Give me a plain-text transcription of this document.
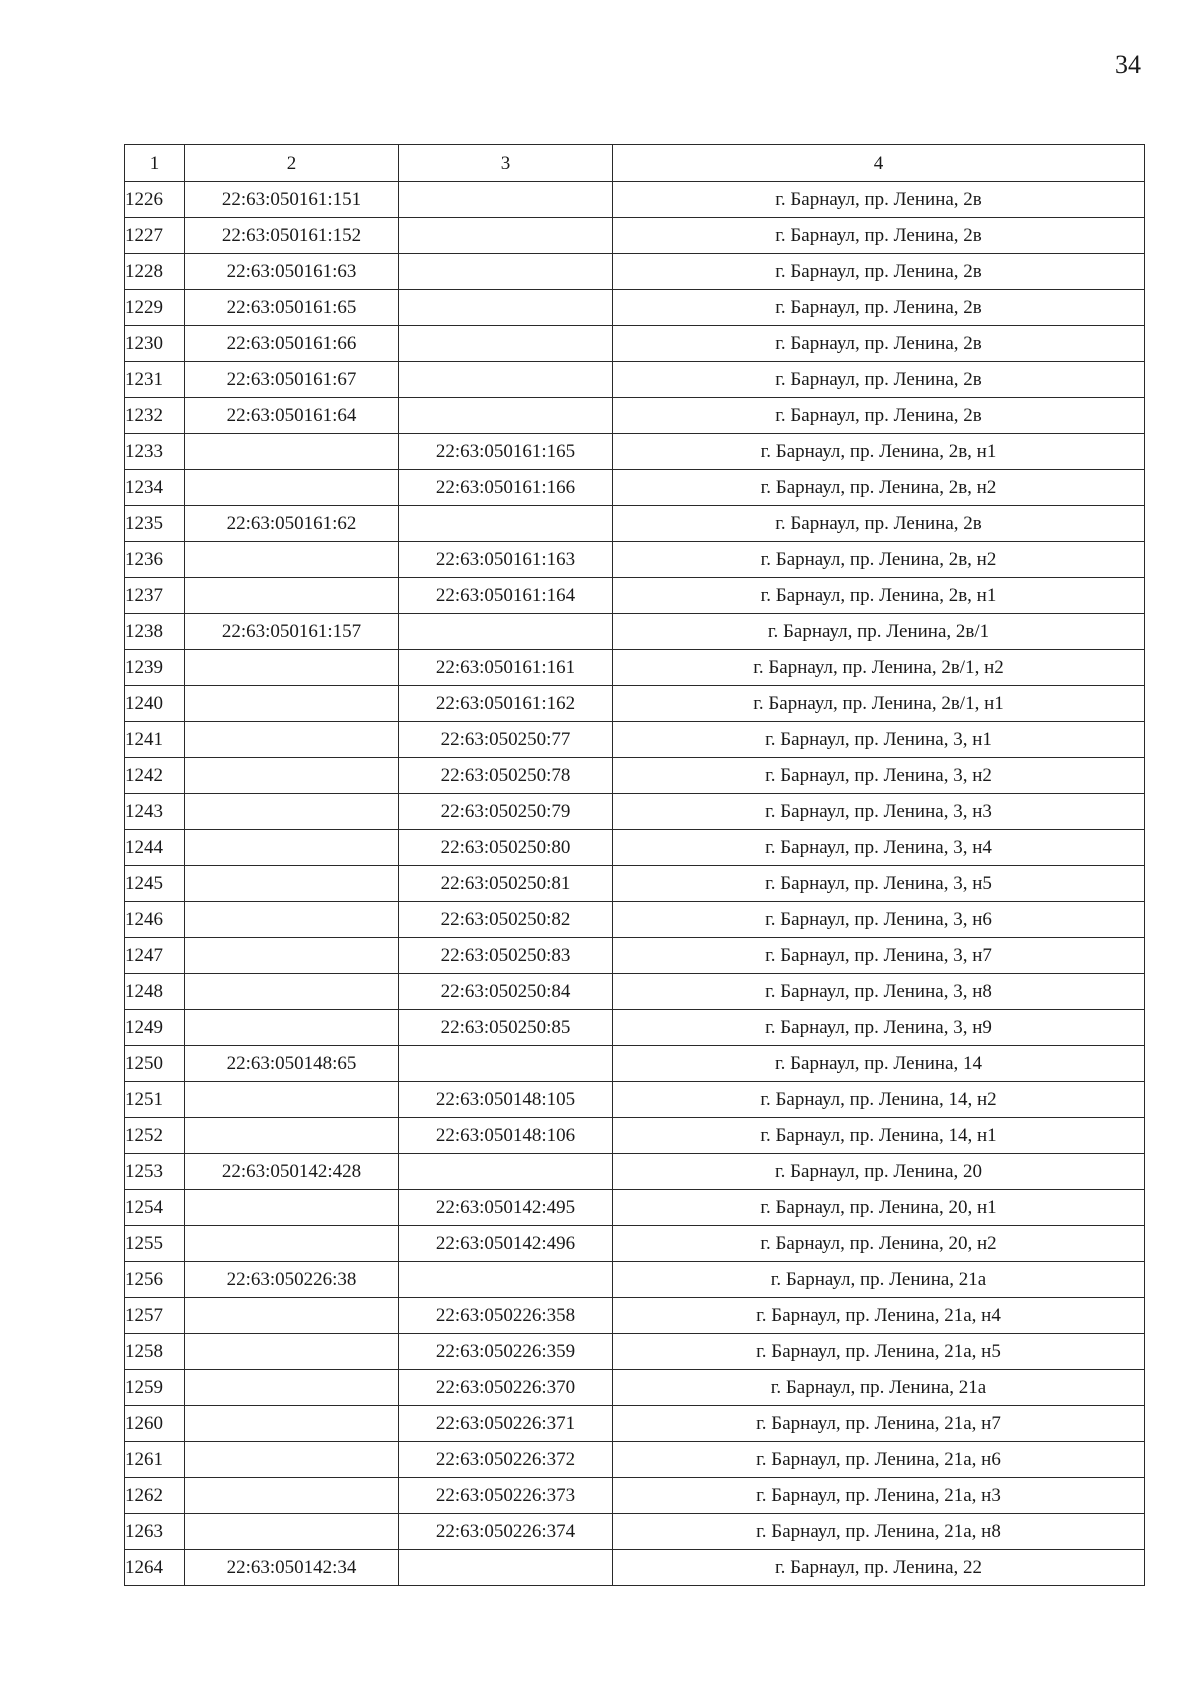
34
1	2	3	4
1226	22:63:050161:151		г. Барнаул, пр. Ленина, 2в
1227	22:63:050161:152		г. Барнаул, пр. Ленина, 2в
1228	22:63:050161:63		г. Барнаул, пр. Ленина, 2в
1229	22:63:050161:65		г. Барнаул, пр. Ленина, 2в
1230	22:63:050161:66		г. Барнаул, пр. Ленина, 2в
1231	22:63:050161:67		г. Барнаул, пр. Ленина, 2в
1232	22:63:050161:64		г. Барнаул, пр. Ленина, 2в
1233		22:63:050161:165	г. Барнаул, пр. Ленина, 2в, н1
1234		22:63:050161:166	г. Барнаул, пр. Ленина, 2в, н2
1235	22:63:050161:62		г. Барнаул, пр. Ленина, 2в
1236		22:63:050161:163	г. Барнаул, пр. Ленина, 2в, н2
1237		22:63:050161:164	г. Барнаул, пр. Ленина, 2в, н1
1238	22:63:050161:157		г. Барнаул, пр. Ленина, 2в/1
1239		22:63:050161:161	г. Барнаул, пр. Ленина, 2в/1, н2
1240		22:63:050161:162	г. Барнаул, пр. Ленина, 2в/1, н1
1241		22:63:050250:77	г. Барнаул, пр. Ленина, 3, н1
1242		22:63:050250:78	г. Барнаул, пр. Ленина, 3, н2
1243		22:63:050250:79	г. Барнаул, пр. Ленина, 3, н3
1244		22:63:050250:80	г. Барнаул, пр. Ленина, 3, н4
1245		22:63:050250:81	г. Барнаул, пр. Ленина, 3, н5
1246		22:63:050250:82	г. Барнаул, пр. Ленина, 3, н6
1247		22:63:050250:83	г. Барнаул, пр. Ленина, 3, н7
1248		22:63:050250:84	г. Барнаул, пр. Ленина, 3, н8
1249		22:63:050250:85	г. Барнаул, пр. Ленина, 3, н9
1250	22:63:050148:65		г. Барнаул, пр. Ленина, 14
1251		22:63:050148:105	г. Барнаул, пр. Ленина, 14, н2
1252		22:63:050148:106	г. Барнаул, пр. Ленина, 14, н1
1253	22:63:050142:428		г. Барнаул, пр. Ленина, 20
1254		22:63:050142:495	г. Барнаул, пр. Ленина, 20, н1
1255		22:63:050142:496	г. Барнаул, пр. Ленина, 20, н2
1256	22:63:050226:38		г. Барнаул, пр. Ленина, 21а
1257		22:63:050226:358	г. Барнаул, пр. Ленина, 21а, н4
1258		22:63:050226:359	г. Барнаул, пр. Ленина, 21а, н5
1259		22:63:050226:370	г. Барнаул, пр. Ленина, 21а
1260		22:63:050226:371	г. Барнаул, пр. Ленина, 21а, н7
1261		22:63:050226:372	г. Барнаул, пр. Ленина, 21а, н6
1262		22:63:050226:373	г. Барнаул, пр. Ленина, 21а, н3
1263		22:63:050226:374	г. Барнаул, пр. Ленина, 21а, н8
1264	22:63:050142:34		г. Барнаул, пр. Ленина, 22
